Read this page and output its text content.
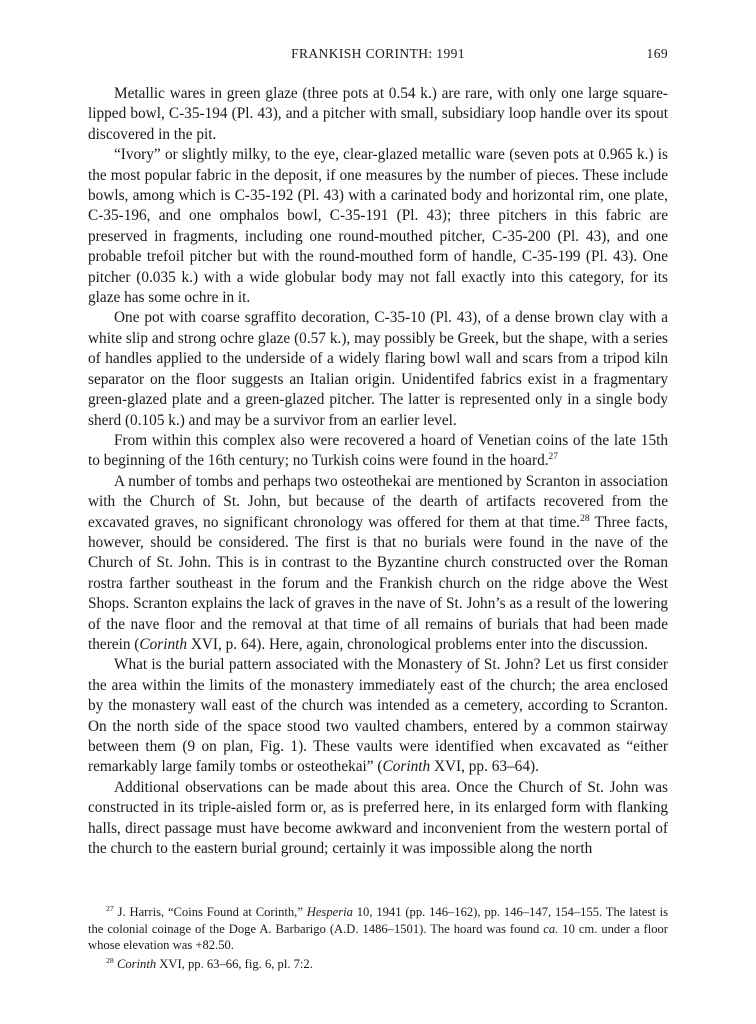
FRANKISH CORINTH: 1991	169

Metallic wares in green glaze (three pots at 0.54 k.) are rare, with only one large square-lipped bowl, C-35-194 (Pl. 43), and a pitcher with small, subsidiary loop handle over its spout discovered in the pit.

“Ivory” or slightly milky, to the eye, clear-glazed metallic ware (seven pots at 0.965 k.) is the most popular fabric in the deposit, if one measures by the number of pieces. These include bowls, among which is C-35-192 (Pl. 43) with a carinated body and horizontal rim, one plate, C-35-196, and one omphalos bowl, C-35-191 (Pl. 43); three pitchers in this fabric are preserved in fragments, including one round-mouthed pitcher, C-35-200 (Pl. 43), and one probable trefoil pitcher but with the round-mouthed form of handle, C-35-199 (Pl. 43). One pitcher (0.035 k.) with a wide globular body may not fall exactly into this category, for its glaze has some ochre in it.

One pot with coarse sgraffito decoration, C-35-10 (Pl. 43), of a dense brown clay with a white slip and strong ochre glaze (0.57 k.), may possibly be Greek, but the shape, with a series of handles applied to the underside of a widely flaring bowl wall and scars from a tripod kiln separator on the floor suggests an Italian origin. Unidentifed fabrics exist in a fragmentary green-glazed plate and a green-glazed pitcher. The latter is represented only in a single body sherd (0.105 k.) and may be a survivor from an earlier level.

From within this complex also were recovered a hoard of Venetian coins of the late 15th to beginning of the 16th century; no Turkish coins were found in the hoard.$^{27}$

A number of tombs and perhaps two osteothekai are mentioned by Scranton in association with the Church of St. John, but because of the dearth of artifacts recovered from the excavated graves, no significant chronology was offered for them at that time.$^{28}$ Three facts, however, should be considered. The first is that no burials were found in the nave of the Church of St. John. This is in contrast to the Byzantine church constructed over the Roman rostra farther southeast in the forum and the Frankish church on the ridge above the West Shops. Scranton explains the lack of graves in the nave of St. John’s as a result of the lowering of the nave floor and the removal at that time of all remains of burials that had been made therein (Corinth XVI, p. 64). Here, again, chronological problems enter into the discussion.

What is the burial pattern associated with the Monastery of St. John? Let us first consider the area within the limits of the monastery immediately east of the church; the area enclosed by the monastery wall east of the church was intended as a cemetery, according to Scranton. On the north side of the space stood two vaulted chambers, entered by a common stairway between them (9 on plan, Fig. 1). These vaults were identified when excavated as “either remarkably large family tombs or osteothekai” (Corinth XVI, pp. 63–64).

Additional observations can be made about this area. Once the Church of St. John was constructed in its triple-aisled form or, as is preferred here, in its enlarged form with flanking halls, direct passage must have become awkward and inconvenient from the western portal of the church to the eastern burial ground; certainly it was impossible along the north

$^{27}$ J. Harris, “Coins Found at Corinth,” Hesperia 10, 1941 (pp. 146–162), pp. 146–147, 154–155. The latest is the colonial coinage of the Doge A. Barbarigo (A.D. 1486–1501). The hoard was found ca. 10 cm. under a floor whose elevation was +82.50.

$^{28}$ Corinth XVI, pp. 63–66, fig. 6, pl. 7:2.
